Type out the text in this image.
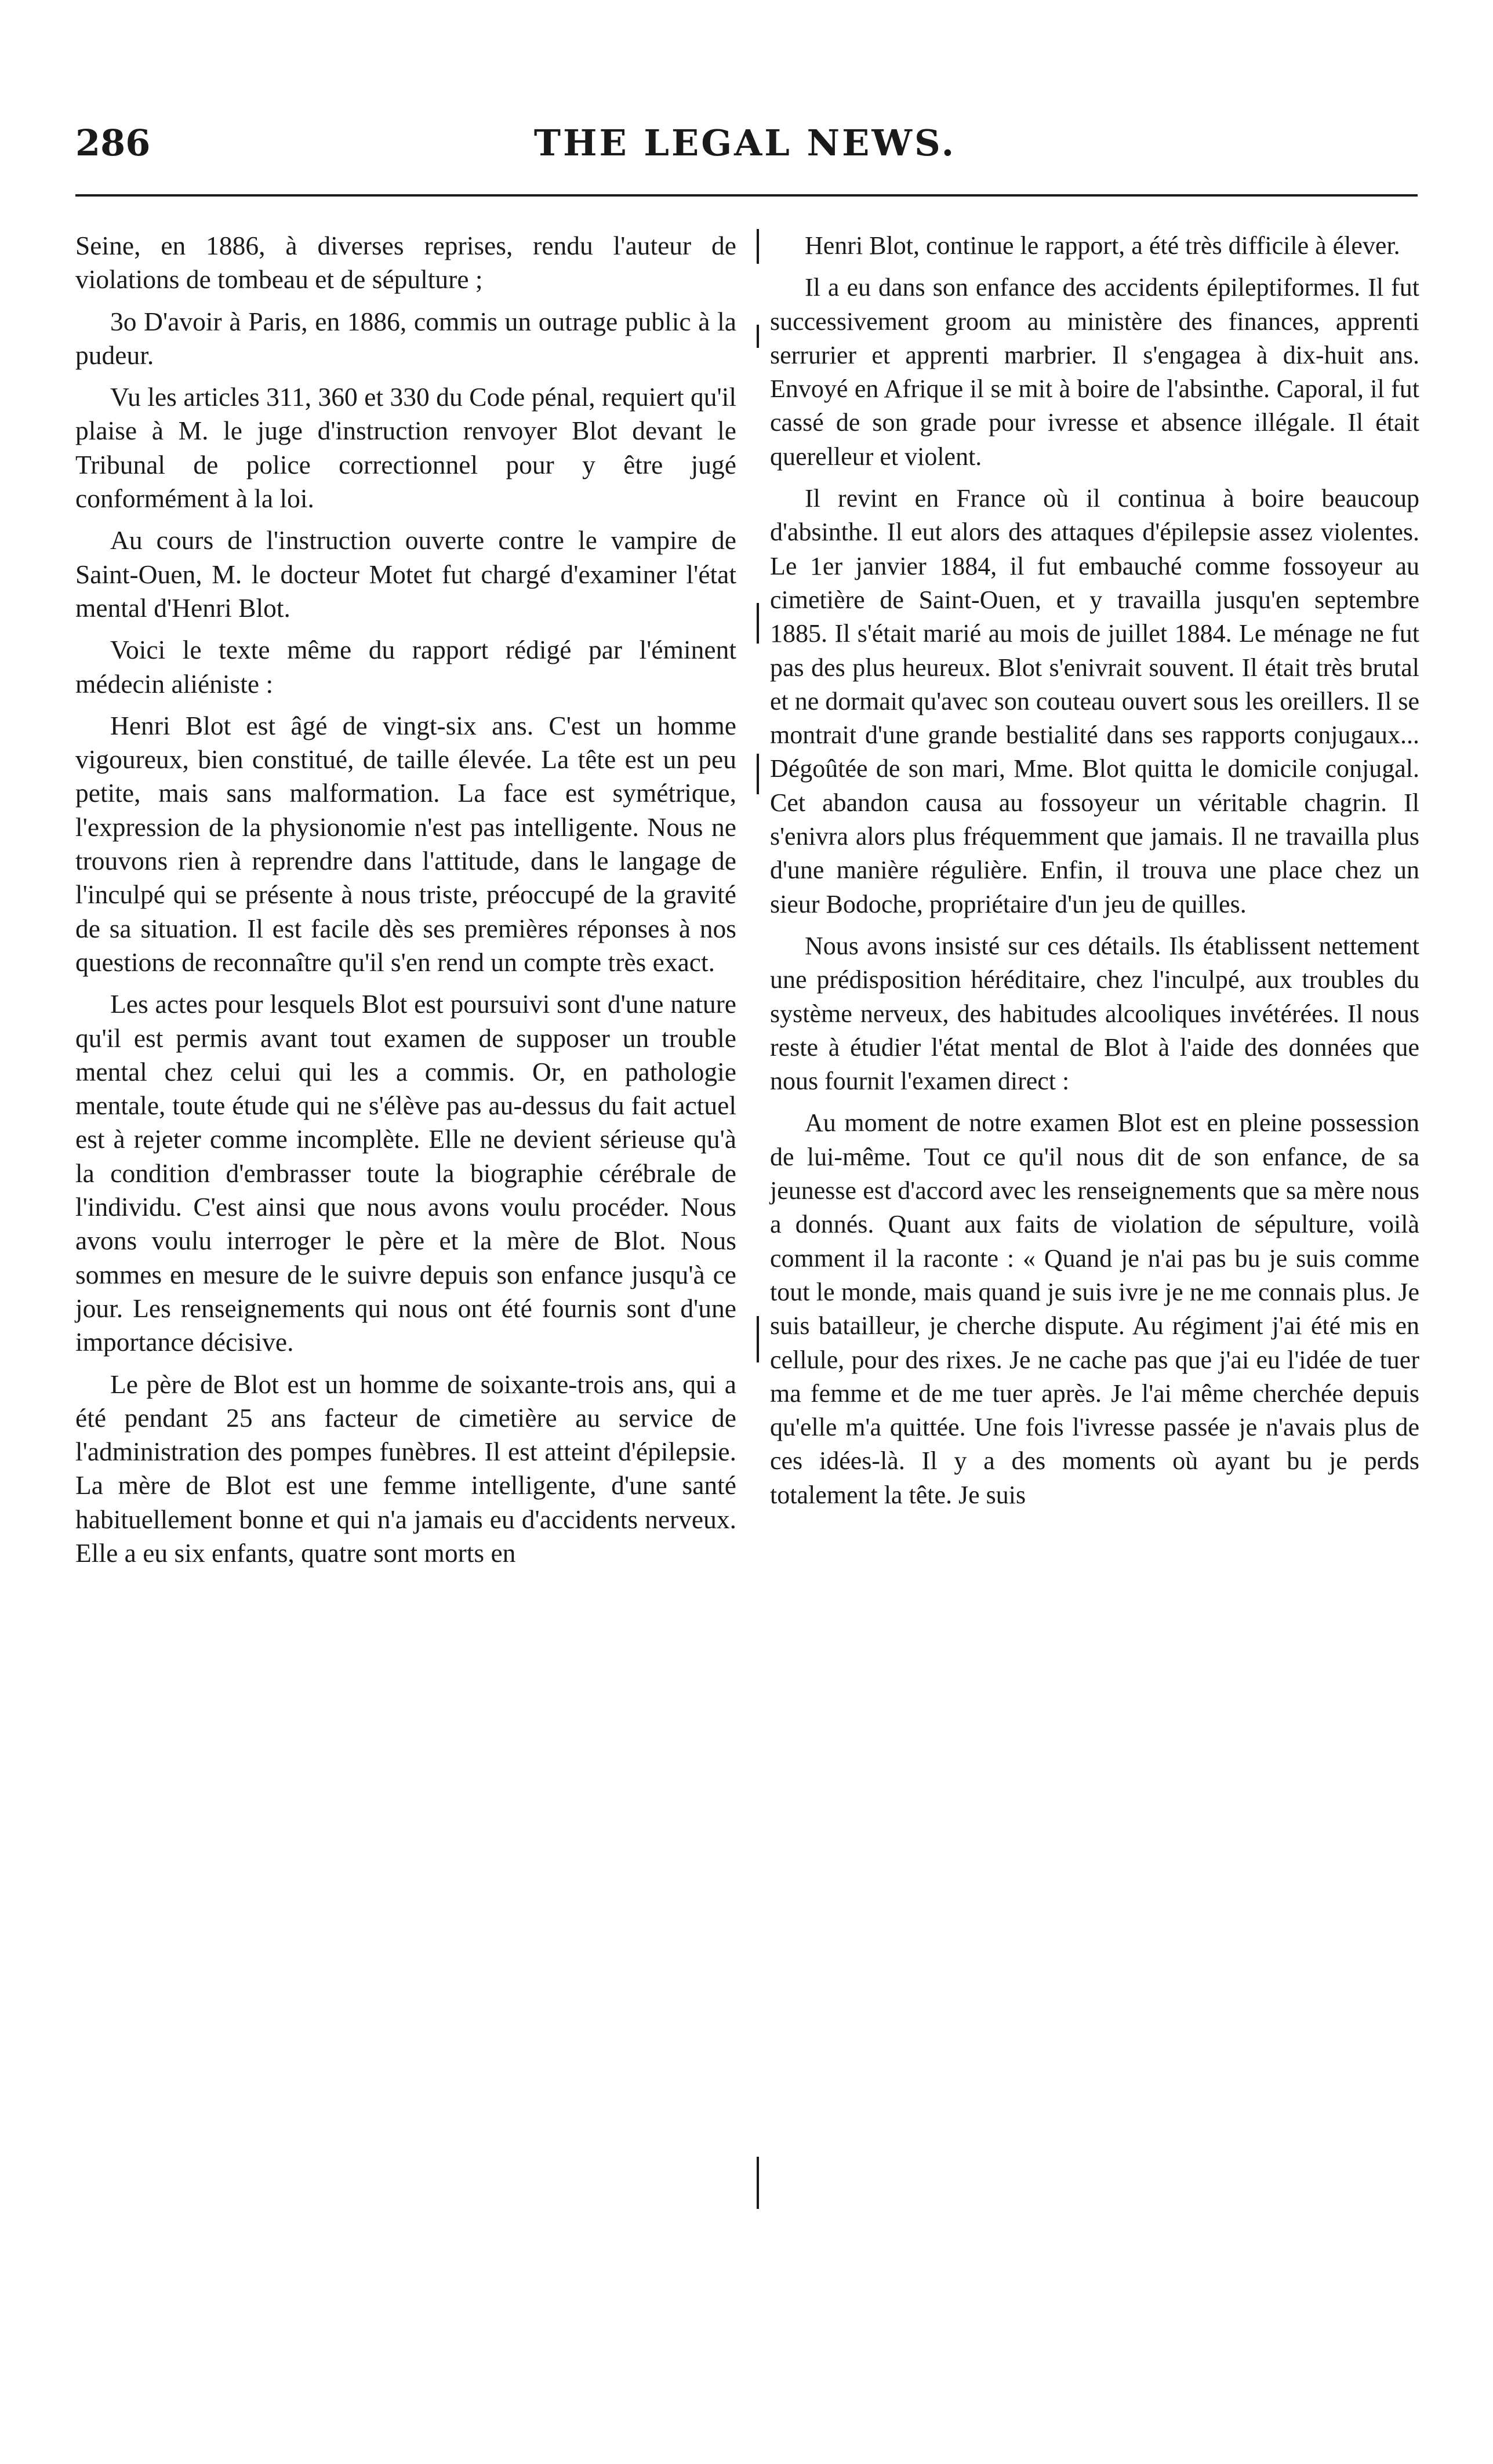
286	THE LEGAL NEWS.

Seine, en 1886, à diverses reprises, rendu l'auteur de violations de tombeau et de sépulture ;

3o D'avoir à Paris, en 1886, commis un outrage public à la pudeur.

Vu les articles 311, 360 et 330 du Code pénal, requiert qu'il plaise à M. le juge d'instruction renvoyer Blot devant le Tribunal de police correctionnel pour y être jugé conformément à la loi.

Au cours de l'instruction ouverte contre le vampire de Saint-Ouen, M. le docteur Motet fut chargé d'examiner l'état mental d'Henri Blot.

Voici le texte même du rapport rédigé par l'éminent médecin aliéniste :

Henri Blot est âgé de vingt-six ans. C'est un homme vigoureux, bien constitué, de taille élevée. La tête est un peu petite, mais sans malformation. La face est symétrique, l'expression de la physionomie n'est pas intelligente. Nous ne trouvons rien à reprendre dans l'attitude, dans le langage de l'inculpé qui se présente à nous triste, préoccupé de la gravité de sa situation. Il est facile dès ses premières réponses à nos questions de reconnaître qu'il s'en rend un compte très exact.

Les actes pour lesquels Blot est poursuivi sont d'une nature qu'il est permis avant tout examen de supposer un trouble mental chez celui qui les a commis. Or, en pathologie mentale, toute étude qui ne s'élève pas au-dessus du fait actuel est à rejeter comme incomplète. Elle ne devient sérieuse qu'à la condition d'embrasser toute la biographie cérébrale de l'individu. C'est ainsi que nous avons voulu procéder. Nous avons voulu interroger le père et la mère de Blot. Nous sommes en mesure de le suivre depuis son enfance jusqu'à ce jour. Les renseignements qui nous ont été fournis sont d'une importance décisive.

Le père de Blot est un homme de soixante-trois ans, qui a été pendant 25 ans facteur de cimetière au service de l'administration des pompes funèbres. Il est atteint d'épilepsie. La mère de Blot est une femme intelligente, d'une santé habituellement bonne et qui n'a jamais eu d'accidents nerveux. Elle a eu six enfants, quatre sont morts en

Henri Blot, continue le rapport, a été très difficile à élever.

Il a eu dans son enfance des accidents épileptiformes. Il fut successivement groom au ministère des finances, apprenti serrurier et apprenti marbrier. Il s'engagea à dix-huit ans. Envoyé en Afrique il se mit à boire de l'absinthe. Caporal, il fut cassé de son grade pour ivresse et absence illégale. Il était querelleur et violent.

Il revint en France où il continua à boire beaucoup d'absinthe. Il eut alors des attaques d'épilepsie assez violentes. Le 1er janvier 1884, il fut embauché comme fossoyeur au cimetière de Saint-Ouen, et y travailla jusqu'en septembre 1885. Il s'était marié au mois de juillet 1884. Le ménage ne fut pas des plus heureux. Blot s'enivrait souvent. Il était très brutal et ne dormait qu'avec son couteau ouvert sous les oreillers. Il se montrait d'une grande bestialité dans ses rapports conjugaux... Dégoûtée de son mari, Mme. Blot quitta le domicile conjugal. Cet abandon causa au fossoyeur un véritable chagrin. Il s'enivra alors plus fréquemment que jamais. Il ne travailla plus d'une manière régulière. Enfin, il trouva une place chez un sieur Bodoche, propriétaire d'un jeu de quilles.

Nous avons insisté sur ces détails. Ils établissent nettement une prédisposition héréditaire, chez l'inculpé, aux troubles du système nerveux, des habitudes alcooliques invétérées. Il nous reste à étudier l'état mental de Blot à l'aide des données que nous fournit l'examen direct :

Au moment de notre examen Blot est en pleine possession de lui-même. Tout ce qu'il nous dit de son enfance, de sa jeunesse est d'accord avec les renseignements que sa mère nous a donnés. Quant aux faits de violation de sépulture, voilà comment il la raconte : « Quand je n'ai pas bu je suis comme tout le monde, mais quand je suis ivre je ne me connais plus. Je suis batailleur, je cherche dispute. Au régiment j'ai été mis en cellule, pour des rixes. Je ne cache pas que j'ai eu l'idée de tuer ma femme et de me tuer après. Je l'ai même cherchée depuis qu'elle m'a quittée. Une fois l'ivresse passée je n'avais plus de ces idées-là. Il y a des moments où ayant bu je perds totalement la tête. Je suis
